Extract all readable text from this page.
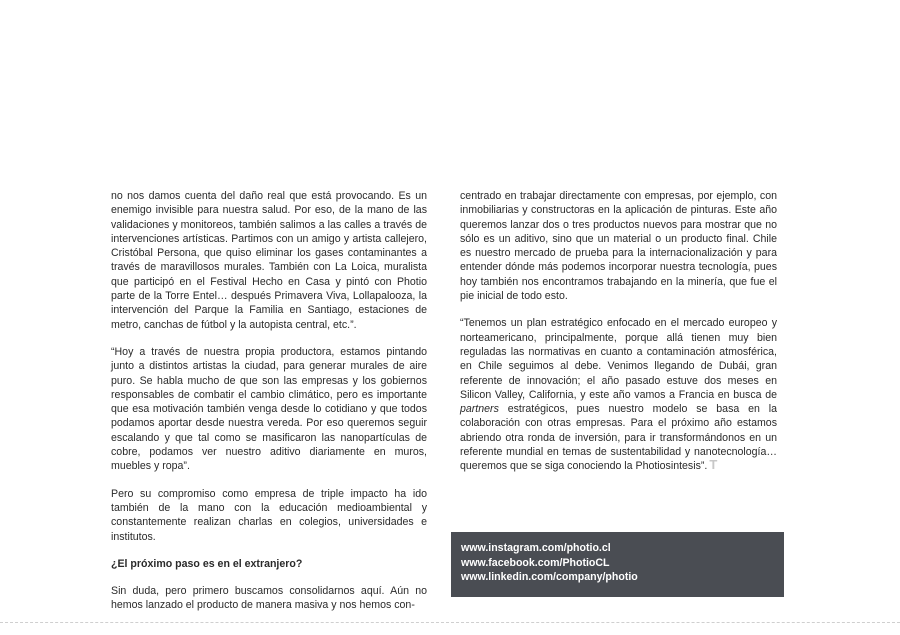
no nos damos cuenta del daño real que está provocando. Es un enemigo invisible para nuestra salud. Por eso, de la mano de las validaciones y monitoreos, también salimos a las calles a través de intervenciones artísticas. Partimos con un amigo y artista callejero, Cristóbal Persona, que quiso eliminar los gases contaminantes a través de maravillosos murales. También con La Loica, muralista que participó en el Festival Hecho en Casa y pintó con Photio parte de la Torre Entel… después Primavera Viva, Lollapalooza, la intervención del Parque la Familia en Santiago, estaciones de metro, canchas de fútbol y la autopista central, etc.”.

“Hoy a través de nuestra propia productora, estamos pintando junto a distintos artistas la ciudad, para generar murales de aire puro. Se habla mucho de que son las empresas y los gobiernos responsables de combatir el cambio climático, pero es importante que esa motivación también venga desde lo cotidiano y que todos podamos aportar desde nuestra vereda. Por eso queremos seguir escalando y que tal como se masificaron las nanopartículas de cobre, podamos ver nuestro aditivo diariamente en muros, muebles y ropa”.

Pero su compromiso como empresa de triple impacto ha ido también de la mano con la educación medioambiental y constantemente realizan charlas en colegios, universidades e institutos.

¿El próximo paso es en el extranjero?

Sin duda, pero primero buscamos consolidarnos aquí. Aún no hemos lanzado el producto de manera masiva y nos hemos con-

centrado en trabajar directamente con empresas, por ejemplo, con inmobiliarias y constructoras en la aplicación de pinturas. Este año queremos lanzar dos o tres productos nuevos para mostrar que no sólo es un aditivo, sino que un material o un producto final. Chile es nuestro mercado de prueba para la internacionalización y para entender dónde más podemos incorporar nuestra tecnología, pues hoy también nos encontramos trabajando en la minería, que fue el pie inicial de todo esto.

“Tenemos un plan estratégico enfocado en el mercado europeo y norteamericano, principalmente, porque allá tienen muy bien reguladas las normativas en cuanto a contaminación atmosférica, en Chile seguimos al debe. Venimos llegando de Dubái, gran referente de innovación; el año pasado estuve dos meses en Silicon Valley, California, y este año vamos a Francia en busca de partners estratégicos, pues nuestro modelo se basa en la colaboración con otras empresas. Para el próximo año estamos abriendo otra ronda de inversión, para ir transformándonos en un referente mundial en temas de sustentabilidad y nanotecnología… queremos que se siga conociendo la Photiosintesis”. T

www.instagram.com/photio.cl
www.facebook.com/PhotioCL
www.linkedin.com/company/photio
